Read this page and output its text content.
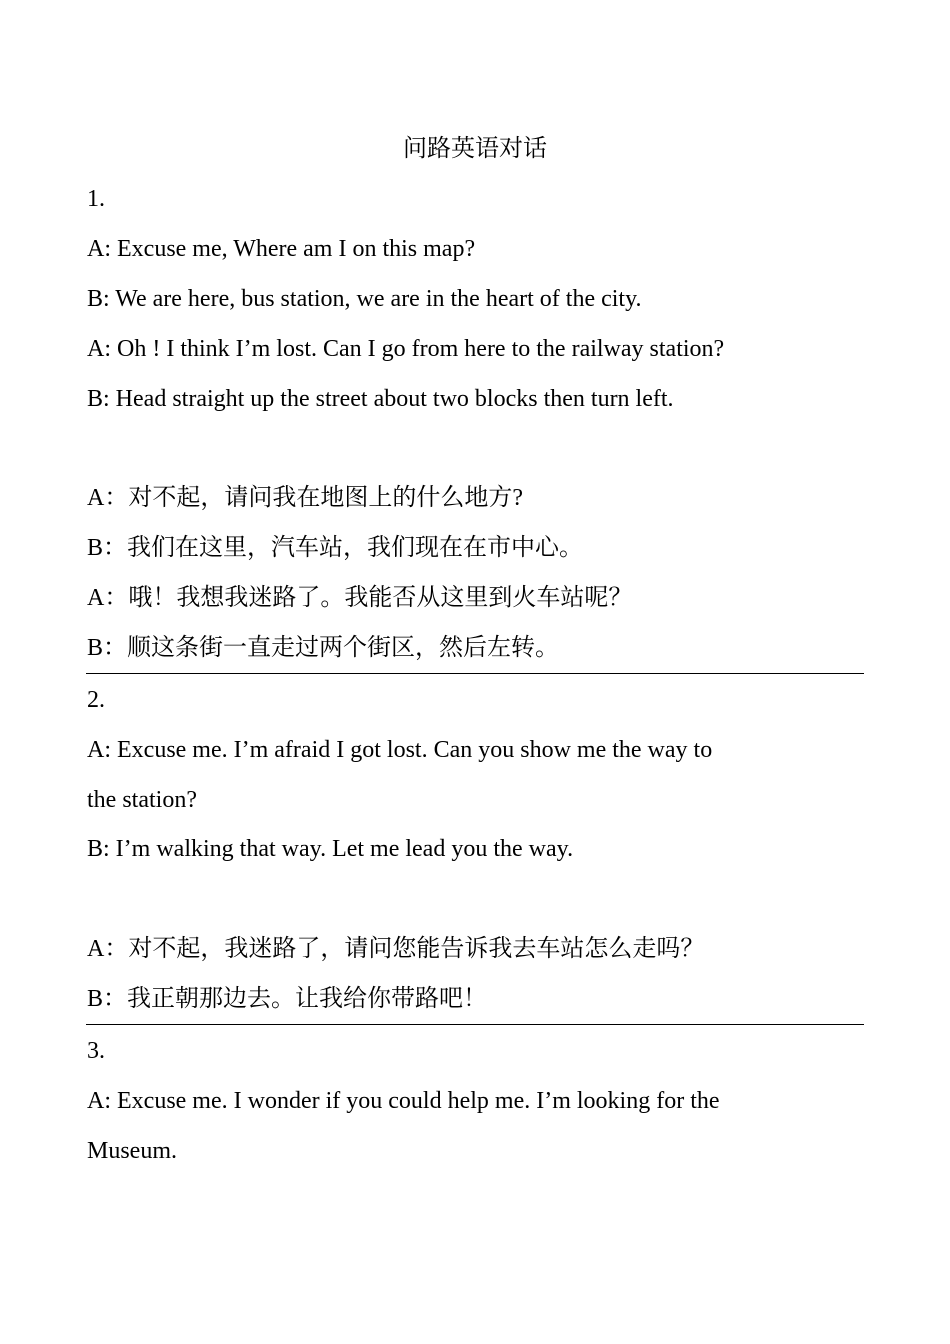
问路英语对话
1.
A: Excuse me, Where am I on this map?
B: We are here, bus station, we are in the heart of the city.
A: Oh ! I think I’m lost. Can I go from here to the railway station?
B: Head straight up the street about two blocks then turn left.
A：对不起，请问我在地图上的什么地方?
B：我们在这里，汽车站，我们现在在市中心。
A：哦！我想我迷路了。我能否从这里到火车站呢？
B：顺这条街一直走过两个街区，然后左转。
2.
A: Excuse me. I’m afraid I got lost. Can you show me the way to
the station?
B: I’m walking that way. Let me lead you the way.
A：对不起，我迷路了，请问您能告诉我去车站怎么走吗？
B：我正朝那边去。让我给你带路吧！
3.
A: Excuse me. I wonder if you could help me. I’m looking for the
Museum.
